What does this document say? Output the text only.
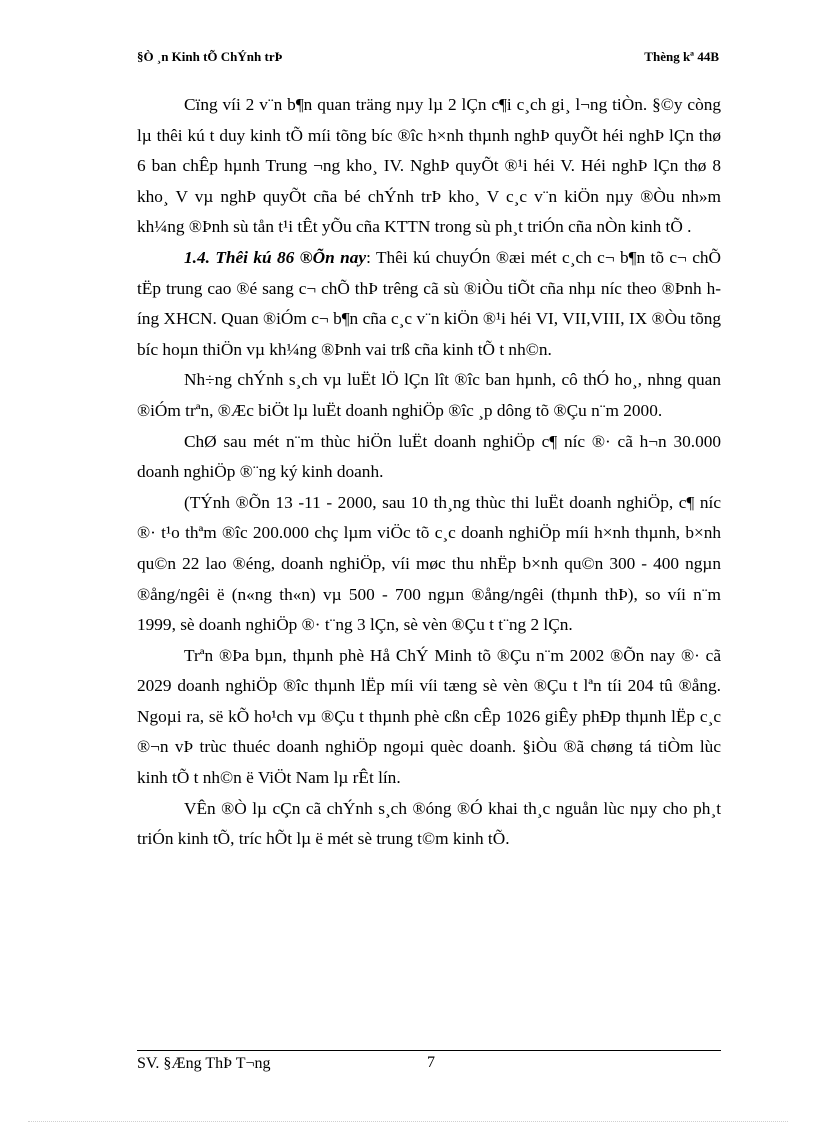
§Ò ¸n Kinh tÕ ChÝnh trÞ	Thèng kª 44B

Cïng víi 2 v¨n b¶n quan träng nµy lµ 2 lÇn c¶i c¸ch gi¸ l¬ng tiÒn. §©y còng lµ thêi kú t duy kinh tÕ míi tõng bíc ®îc h×nh thµnh nghÞ quyÕt héi nghÞ lÇn thø 6 ban chÊp hµnh Trung ¬ng kho¸ IV. NghÞ quyÕt ®¹i héi V. Héi nghÞ lÇn thø 8 kho¸ V vµ nghÞ quyÕt cña bé chÝnh trÞ kho¸ V c¸c v¨n kiÖn nµy ®Òu nh»m kh¼ng ®Þnh sù tån t¹i tÊt yÕu cña KTTN trong sù ph¸t triÓn cña nÒn kinh tÕ .

1.4. Thêi kú 86 ®Õn nay: Thêi kú chuyÓn ®æi mét c¸ch c¬ b¶n tõ c¬ chÕ tËp trung cao ®é sang c¬ chÕ thÞ trêng cã sù ®iÒu tiÕt cña nhµ níc theo ®Þnh híng XHCN. Quan ®iÓm c¬ b¶n cña c¸c v¨n kiÖn ®¹i héi VI, VII,VIII, IX ®Òu tõng bíc hoµn thiÖn vµ kh¼ng ®Þnh vai trß cña kinh tÕ t nh©n.

Nh÷ng chÝnh s¸ch vµ luËt lÖ lÇn lît ®îc ban hµnh, cô thÓ ho¸, nhng quan ®iÓm trªn, ®Æc biÖt lµ luËt doanh nghiÖp ®îc ¸p dông tõ ®Çu n¨m 2000.

ChØ sau mét n¨m thùc hiÖn luËt doanh nghiÖp c¶ níc ®· cã h¬n 30.000 doanh nghiÖp ®¨ng ký kinh doanh.

(TÝnh ®Õn 13 -11 - 2000, sau 10 th¸ng thùc thi luËt doanh nghiÖp, c¶ níc ®· t¹o thªm ®îc 200.000 chç lµm viÖc tõ c¸c doanh nghiÖp míi h×nh thµnh, b×nh qu©n 22 lao ®éng, doanh nghiÖp, víi møc thu nhËp b×nh qu©n 300 - 400 ngµn ®ång/ngêi ë (n«ng th«n) vµ 500 - 700 ngµn ®ång/ngêi (thµnh thÞ), so víi n¨m 1999, sè doanh nghiÖp ®· t¨ng 3 lÇn, sè vèn ®Çu t t¨ng 2 lÇn.

Trªn ®Þa bµn, thµnh phè Hå ChÝ Minh tõ ®Çu n¨m 2002 ®Õn nay ®· cã 2029 doanh nghiÖp ®îc thµnh lËp míi víi tæng sè vèn ®Çu t lªn tíi 204 tû ®ång. Ngoµi ra, së kÕ ho¹ch vµ ®Çu t thµnh phè cßn cÊp 1026 giÊy phÐp thµnh lËp c¸c ®¬n vÞ trùc thuéc doanh nghiÖp ngoµi quèc doanh. §iÒu ®ã chøng tá tiÒm lùc kinh tÕ t nh©n ë ViÖt Nam lµ rÊt lín.

VÊn ®Ò lµ cÇn cã chÝnh s¸ch ®óng ®Ó khai th¸c nguån lùc nµy cho ph¸t triÓn kinh tÕ, tríc hÕt lµ ë mét sè trung t©m kinh tÕ.

SV. §Æng ThÞ T¬ng	7
